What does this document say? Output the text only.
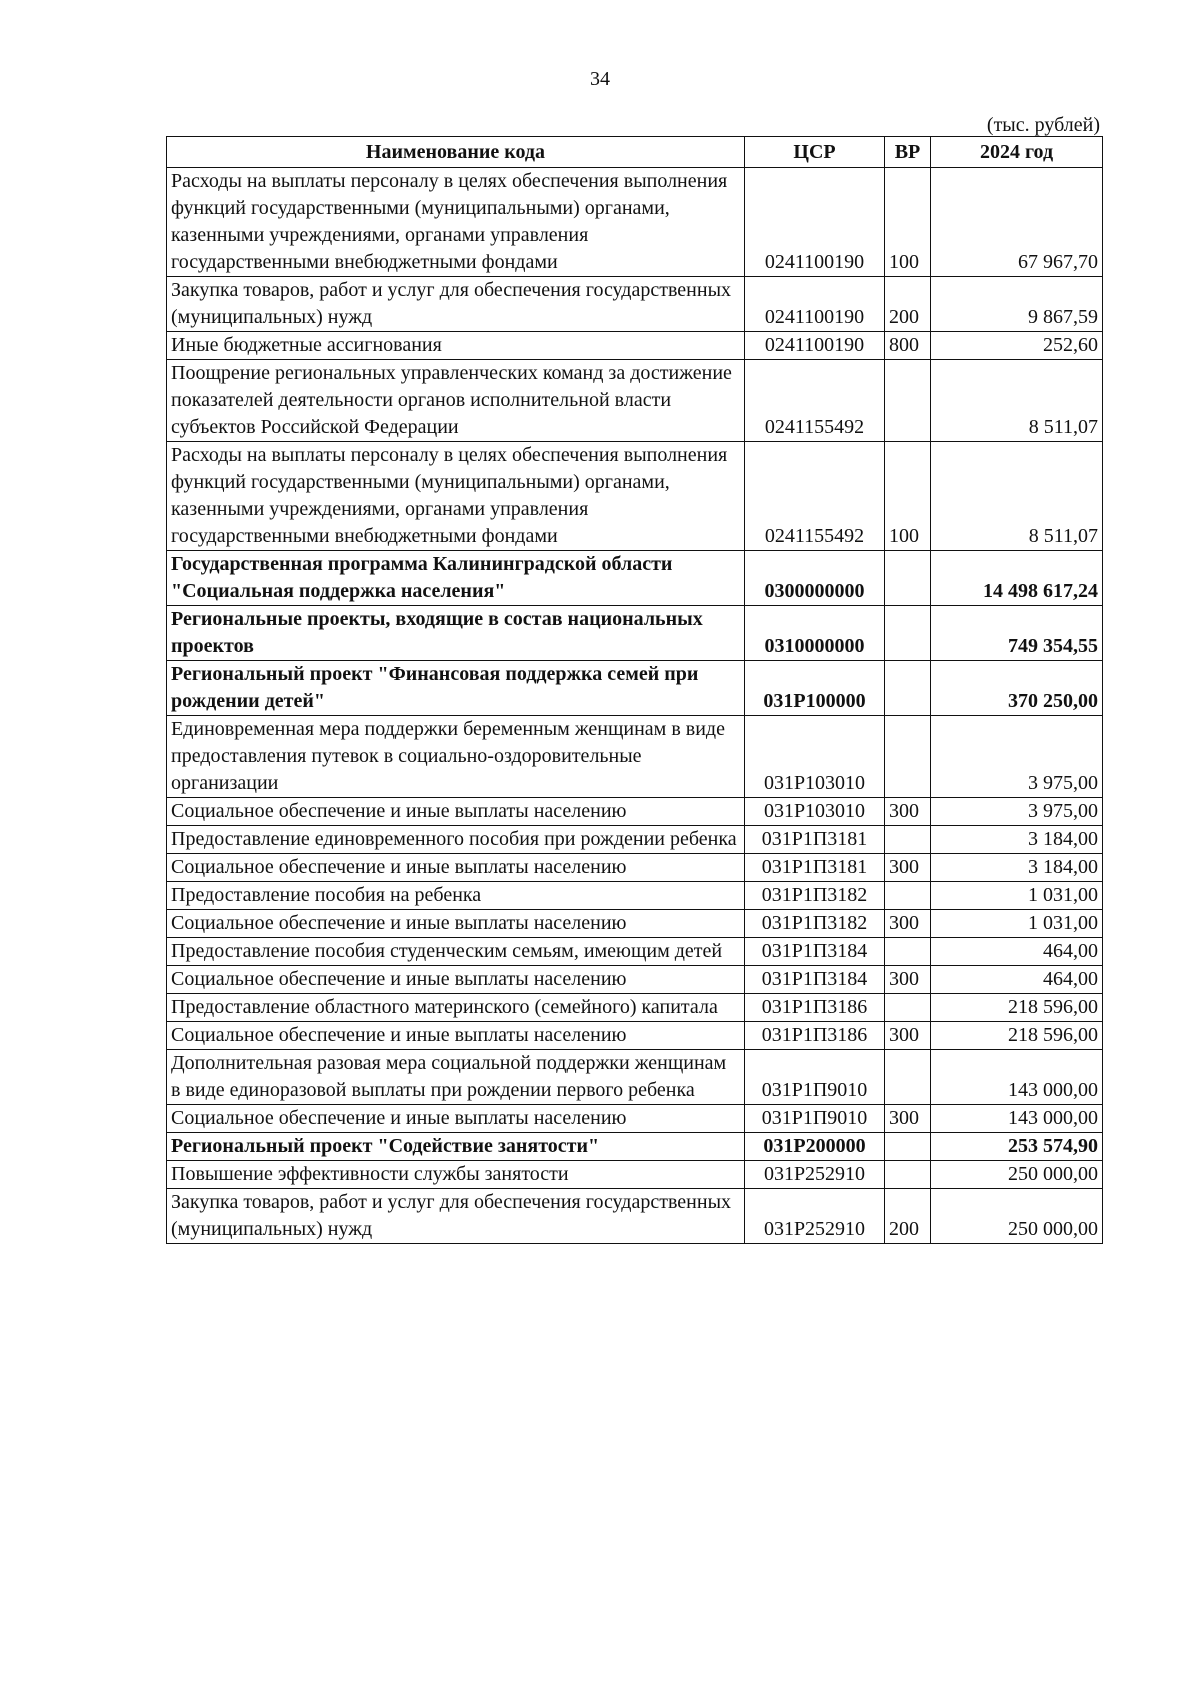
34
(тыс. рублей)
Наименование кода	ЦСР	ВР	2024 год
Расходы на выплаты персоналу в целях обеспечения выполнения функций государственными (муниципальными) органами, казенными учреждениями, органами управления государственными внебюджетными фондами	0241100190	100	67 967,70
Закупка товаров, работ и услуг для обеспечения государственных (муниципальных) нужд	0241100190	200	9 867,59
Иные бюджетные ассигнования	0241100190	800	252,60
Поощрение региональных управленческих команд за достижение показателей деятельности органов исполнительной власти субъектов Российской Федерации	0241155492		8 511,07
Расходы на выплаты персоналу в целях обеспечения выполнения функций государственными (муниципальными) органами, казенными учреждениями, органами управления государственными внебюджетными фондами	0241155492	100	8 511,07
Государственная программа Калининградской области "Социальная поддержка населения"	0300000000		14 498 617,24
Региональные проекты, входящие в состав национальных проектов	0310000000		749 354,55
Региональный проект "Финансовая поддержка семей при рождении детей"	031P100000		370 250,00
Единовременная мера поддержки беременным женщинам в виде предоставления путевок в социально-оздоровительные организации	031P103010		3 975,00
Социальное обеспечение и иные выплаты населению	031P103010	300	3 975,00
Предоставление единовременного пособия при рождении ребенка	031P1П3181		3 184,00
Социальное обеспечение и иные выплаты населению	031P1П3181	300	3 184,00
Предоставление пособия на ребенка	031P1П3182		1 031,00
Социальное обеспечение и иные выплаты населению	031P1П3182	300	1 031,00
Предоставление пособия студенческим семьям, имеющим детей	031P1П3184		464,00
Социальное обеспечение и иные выплаты населению	031P1П3184	300	464,00
Предоставление областного материнского (семейного) капитала	031P1П3186		218 596,00
Социальное обеспечение и иные выплаты населению	031P1П3186	300	218 596,00
Дополнительная разовая мера социальной поддержки женщинам в виде единоразовой выплаты при рождении первого ребенка	031P1П9010		143 000,00
Социальное обеспечение и иные выплаты населению	031P1П9010	300	143 000,00
Региональный проект "Содействие занятости"	031P200000		253 574,90
Повышение эффективности службы занятости	031P252910		250 000,00
Закупка товаров, работ и услуг для обеспечения государственных (муниципальных) нужд	031P252910	200	250 000,00
